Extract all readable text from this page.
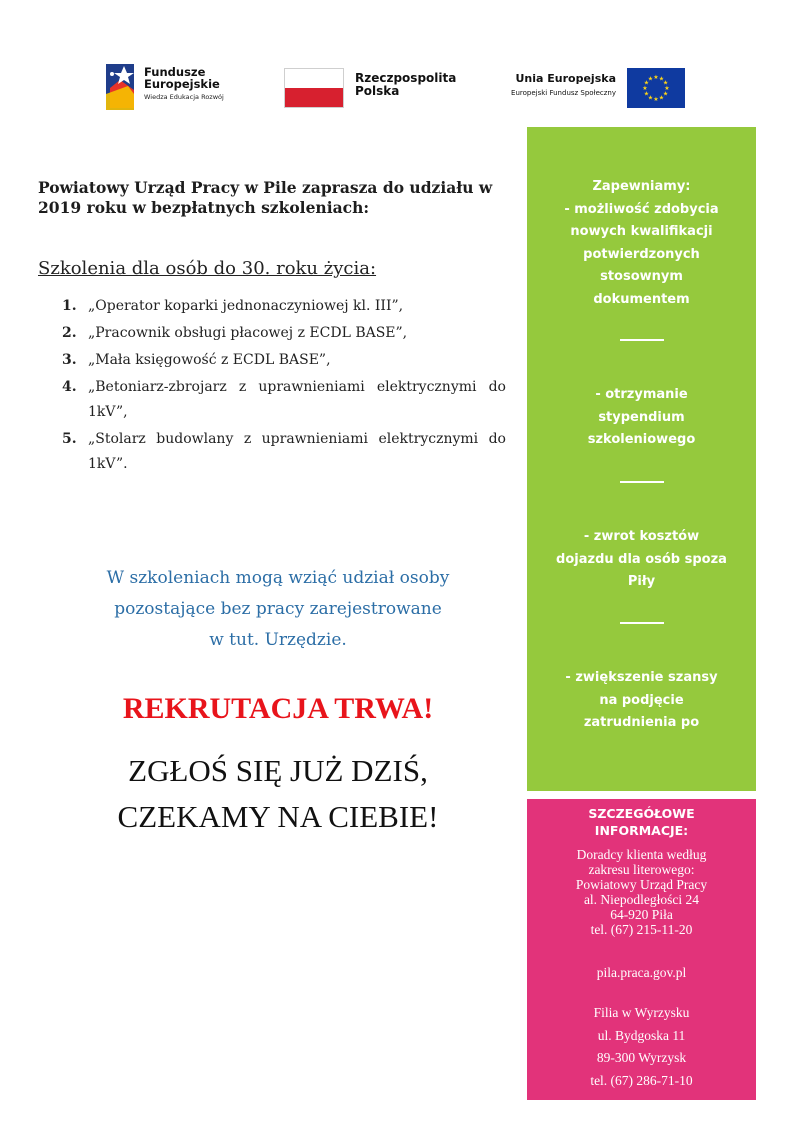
Fundusze Europejskie
Wiedza Edukacja Rozwój
Rzeczpospolita Polska
Unia Europejska
Europejski Fundusz Społeczny
★ ★
★
★
★
★
★
★
★
★
★
★
Powiatowy Urząd Pracy w Pile zaprasza do udziału w 2019 roku w bezpłatnych szkoleniach:
Szkolenia dla osób do 30. roku życia:
1. „Operator koparki jednonaczyniowej kl. III”,
2. „Pracownik obsługi płacowej z ECDL BASE”,
3. „Mała księgowość z ECDL BASE”,
4. „Betoniarz-zbrojarz z uprawnieniami elektrycznymi do 1kV”,
5. „Stolarz budowlany z uprawnieniami elektrycznymi do 1kV”.
W szkoleniach mogą wziąć udział osoby
pozostające bez pracy zarejestrowane
w tut. Urzędzie.
REKRUTACJA TRWA!
ZGŁOŚ SIĘ JUŻ DZIŚ,
CZEKAMY NA CIEBIE!
Zapewniamy:
- możliwość zdobycia
nowych kwalifikacji
potwierdzonych
stosownym
dokumentem
- otrzymanie
stypendium
szkoleniowego
- zwrot kosztów
dojazdu dla osób spoza
Piły
- zwiększenie szansy
na podjęcie
zatrudnienia po
SZCZEGÓŁOWE
INFORMACJE:
Doradcy klienta według
zakresu literowego:
Powiatowy Urząd Pracy
al. Niepodległości 24
64-920 Piła
tel. (67) 215-11-20
pila.praca.gov.pl
Filia w Wyrzysku
ul. Bydgoska 11
89-300 Wyrzysk
tel. (67) 286-71-10
